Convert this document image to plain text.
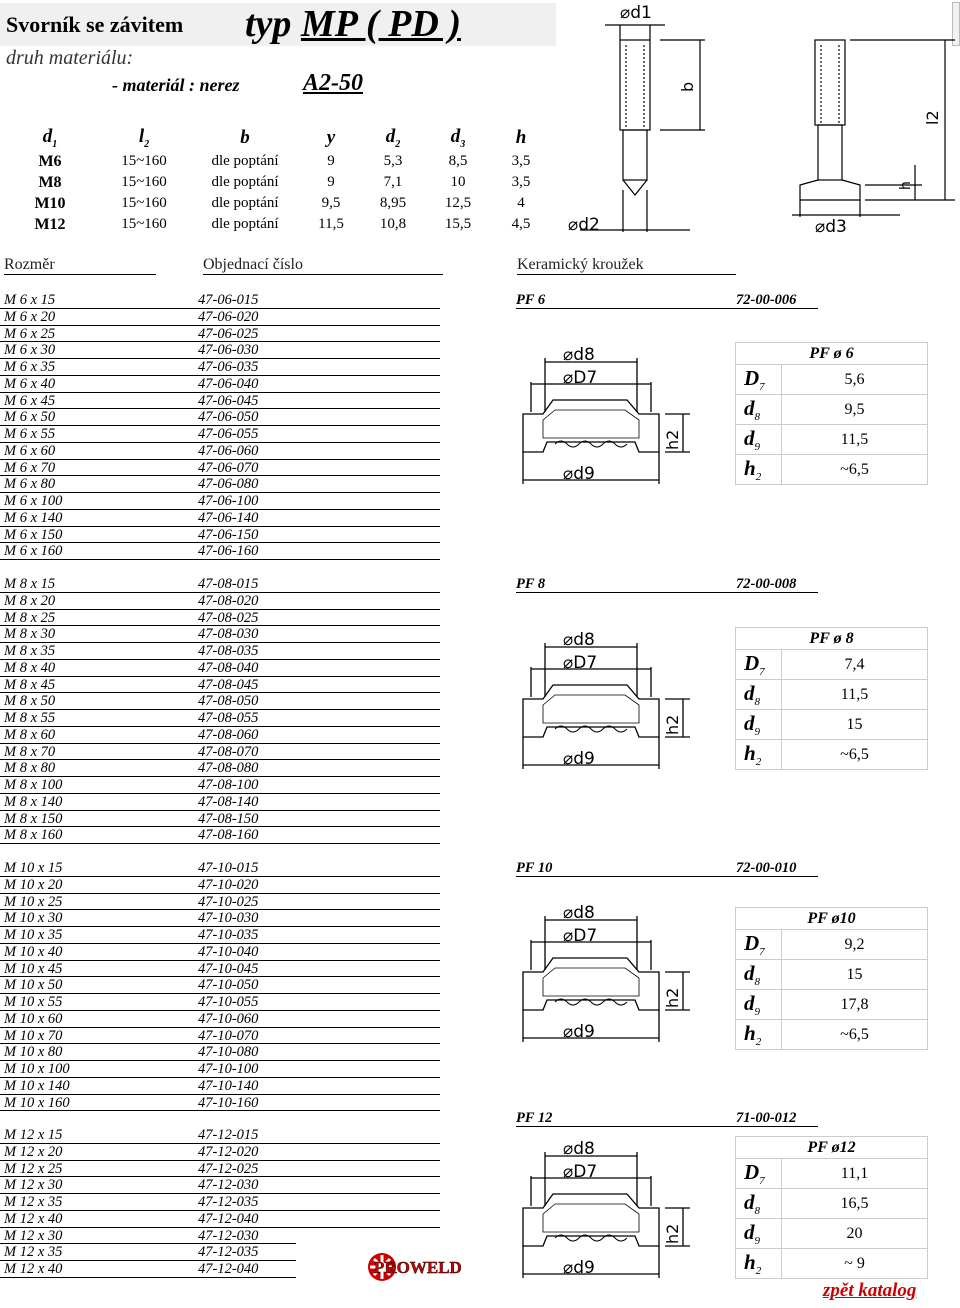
Svorník se závitem typ MP ( PD )
druh materiálu:
- materiál : nerez	A2-50
$d_1$	$l_2$	b	y	$d_2$	$d_3$	h
M6	15~160	dle poptání	9	5,3	8,5	3,5
M8	15~160	dle poptání	9	7,1	10	3,5
M10	15~160	dle poptání	9,5	8,95	12,5	4
M12	15~160	dle poptání	11,5	10,8	15,5	4,5
⌀d1
b
l2
h
⌀d2	⌀d3
Rozměr	Objednací číslo	Keramický kroužek
M 6 x 15	47-06-015
M 6 x 20	47-06-020
M 6 x 25	47-06-025
M 6 x 30	47-06-030
M 6 x 35	47-06-035
M 6 x 40	47-06-040
M 6 x 45	47-06-045
M 6 x 50	47-06-050
M 6 x 55	47-06-055
M 6 x 60	47-06-060
M 6 x 70	47-06-070
M 6 x 80	47-06-080
M 6 x 100	47-06-100
M 6 x 140	47-06-140
M 6 x 150	47-06-150
M 6 x 160	47-06-160
PF 6	72-00-006
⌀d8
⌀D7
⌀d9
h2
PF ø 6	
$D_7$	5,6
$d_8$	9,5
$d_9$	11,5
$h_2$	~6,5
M 8 x 15	47-08-015
M 8 x 20	47-08-020
M 8 x 25	47-08-025
M 8 x 30	47-08-030
M 8 x 35	47-08-035
M 8 x 40	47-08-040
M 8 x 45	47-08-045
M 8 x 50	47-08-050
M 8 x 55	47-08-055
M 8 x 60	47-08-060
M 8 x 70	47-08-070
M 8 x 80	47-08-080
M 8 x 100	47-08-100
M 8 x 140	47-08-140
M 8 x 150	47-08-150
M 8 x 160	47-08-160
PF 8	72-00-008
⌀d8
⌀D7
⌀d9
h2
PF ø 8	
$D_7$	7,4
$d_8$	11,5
$d_9$	15
$h_2$	~6,5
M 10 x 15	47-10-015
M 10 x 20	47-10-020
M 10 x 25	47-10-025
M 10 x 30	47-10-030
M 10 x 35	47-10-035
M 10 x 40	47-10-040
M 10 x 45	47-10-045
M 10 x 50	47-10-050
M 10 x 55	47-10-055
M 10 x 60	47-10-060
M 10 x 70	47-10-070
M 10 x 80	47-10-080
M 10 x 100	47-10-100
M 10 x 140	47-10-140
M 10 x 160	47-10-160
PF 10	72-00-010
⌀d8
⌀D7
⌀d9
h2
PF ø10	
$D_7$	9,2
$d_8$	15
$d_9$	17,8
$h_2$	~6,5
M 12 x 15	47-12-015
M 12 x 20	47-12-020
M 12 x 25	47-12-025
M 12 x 30	47-12-030
M 12 x 35	47-12-035
M 12 x 40	47-12-040
M 12 x 30	47-12-030
M 12 x 35	47-12-035
M 12 x 40	47-12-040
PF 12	71-00-012
⌀d8
⌀D7
⌀d9
h2
PF ø12	
$D_7$	11,1
$d_8$	16,5
$d_9$	20
$h_2$	~ 9
PROWELD
zpět katalog
